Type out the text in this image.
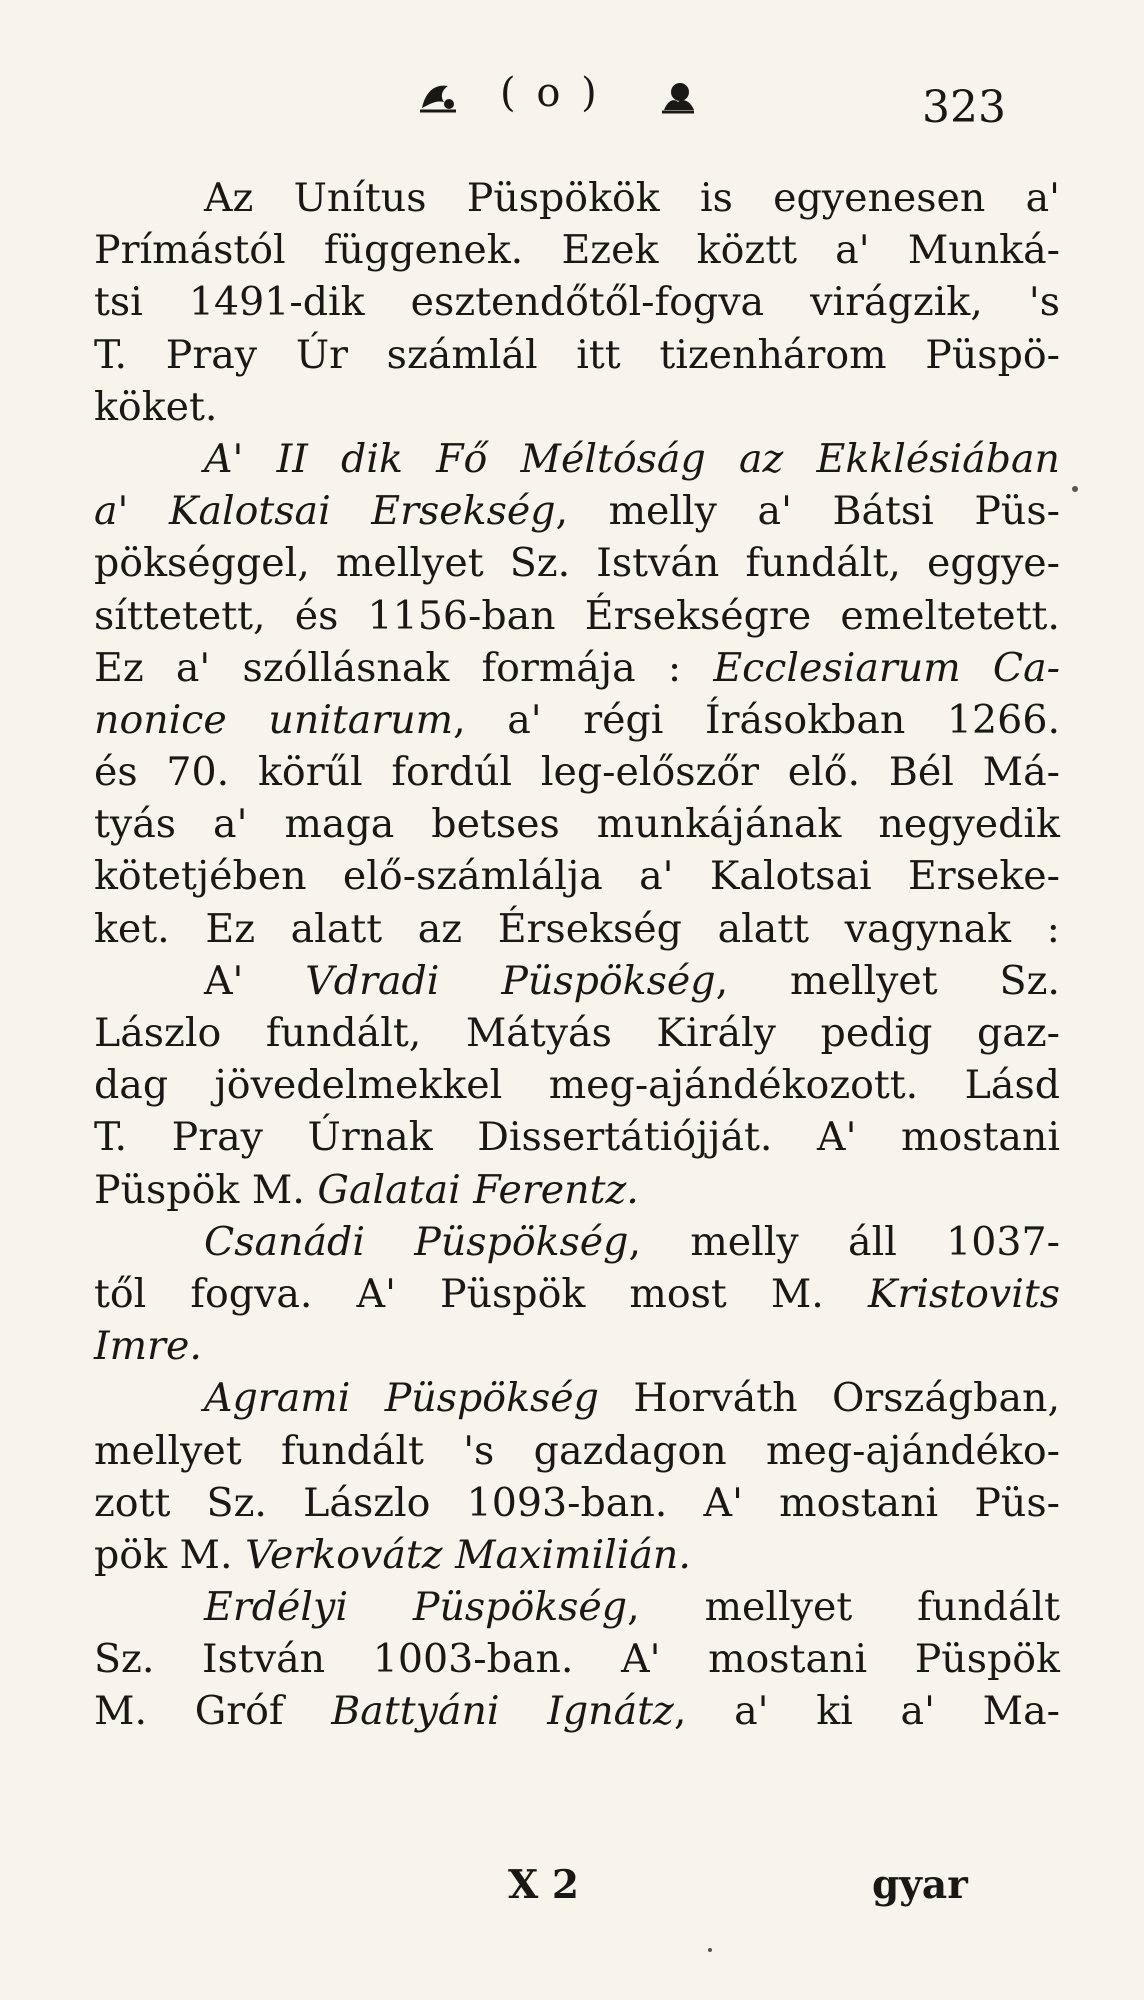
( o )	323
Az Unítus Püspökök is egyenesen a'
Prímástól függenek. Ezek köztt a' Munká-
tsi 1491-dik esztendőtől-fogva virágzik, 's
T. Pray Úr számlál itt tizenhárom Püspö-
köket.
A' II dik Fő Méltóság az Ekklésiában
a' Kalotsai Ersekség, melly a' Bátsi Püs-
pökséggel, mellyet Sz. István fundált, eggye-
síttetett, és 1156-ban Érsekségre emeltetett.
Ez a' szóllásnak formája : Ecclesiarum Ca-
nonice unitarum, a' régi Írásokban 1266.
és 70. körűl fordúl leg-előszőr elő. Bél Má-
tyás a' maga betses munkájának negyedik
kötetjében elő-számlálja a' Kalotsai Erseke-
ket. Ez alatt az Érsekség alatt vagynak :
A' Vdradi Püspökség, mellyet Sz.
Lászlo fundált, Mátyás Király pedig gaz-
dag jövedelmekkel meg-ajándékozott. Lásd
T. Pray Úrnak Dissertátiójját. A' mostani
Püspök M. Galatai Ferentz.
Csanádi Püspökség, melly áll 1037-
től fogva. A' Püspök most M. Kristovits
Imre.
Agrami Püspökség Horváth Országban,
mellyet fundált 's gazdagon meg-ajándéko-
zott Sz. Lászlo 1093-ban. A' mostani Püs-
pök M. Verkovátz Maximilián.
Erdélyi Püspökség, mellyet fundált
Sz. István 1003-ban. A' mostani Püspök
M. Gróf Battyáni Ignátz, a' ki a' Ma-
X 2	gyar
